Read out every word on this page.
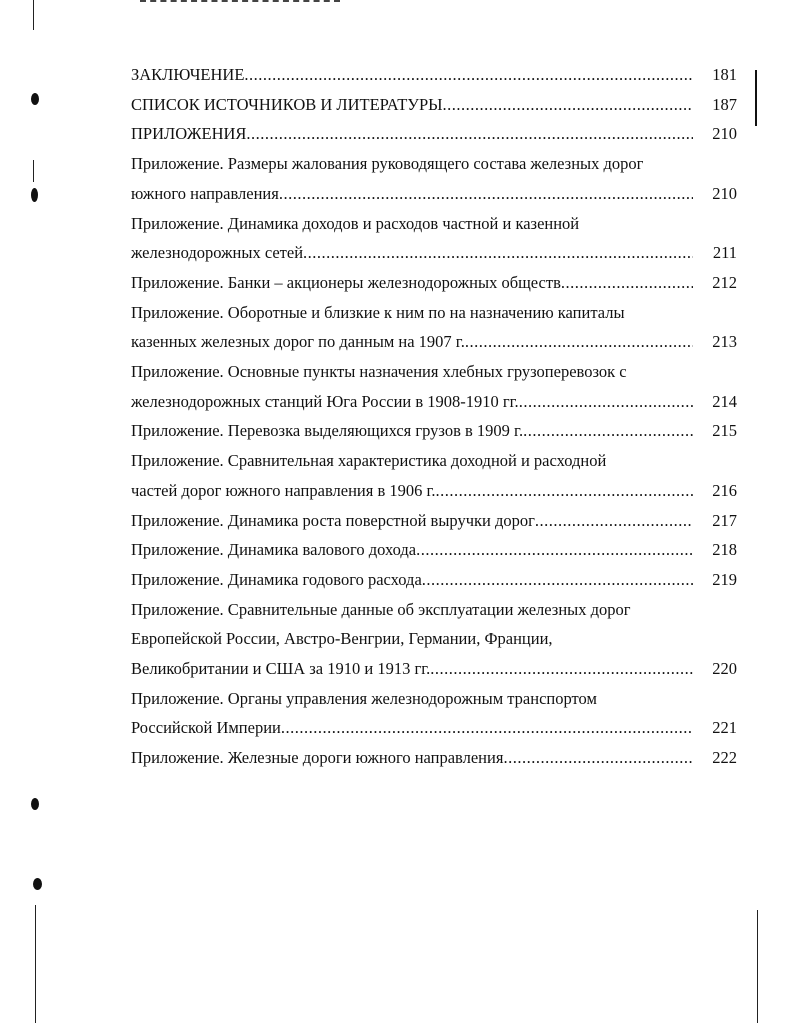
ЗАКЛЮЧЕНИЕ .....	181
СПИСОК ИСТОЧНИКОВ И ЛИТЕРАТУРЫ .....	187
ПРИЛОЖЕНИЯ .....	210
Приложение. Размеры жалования руководящего состава железных дорог
южного направления .....	210
Приложение. Динамика доходов и расходов частной и казенной
железнодорожных сетей .....	211
Приложение. Банки – акционеры железнодорожных обществ .....	212
Приложение. Оборотные и близкие к ним по на назначению капиталы
казенных железных дорог по данным на 1907 г. .....	213
Приложение. Основные пункты назначения хлебных грузоперевозок с
железнодорожных станций Юга России в 1908-1910 гг. .....	214
Приложение. Перевозка выделяющихся грузов в 1909 г. .....	215
Приложение. Сравнительная характеристика доходной и расходной
частей дорог южного направления в 1906 г. .....	216
Приложение. Динамика роста поверстной выручки дорог .....	217
Приложение. Динамика валового дохода .....	218
Приложение. Динамика годового расхода .....	219
Приложение. Сравнительные данные об эксплуатации железных дорог
Европейской России, Австро-Венгрии, Германии, Франции,
Великобритании и США за 1910 и 1913 гг. .....	220
Приложение. Органы управления железнодорожным транспортом
Российской Империи .....	221
Приложение. Железные дороги южного направления .....	222
